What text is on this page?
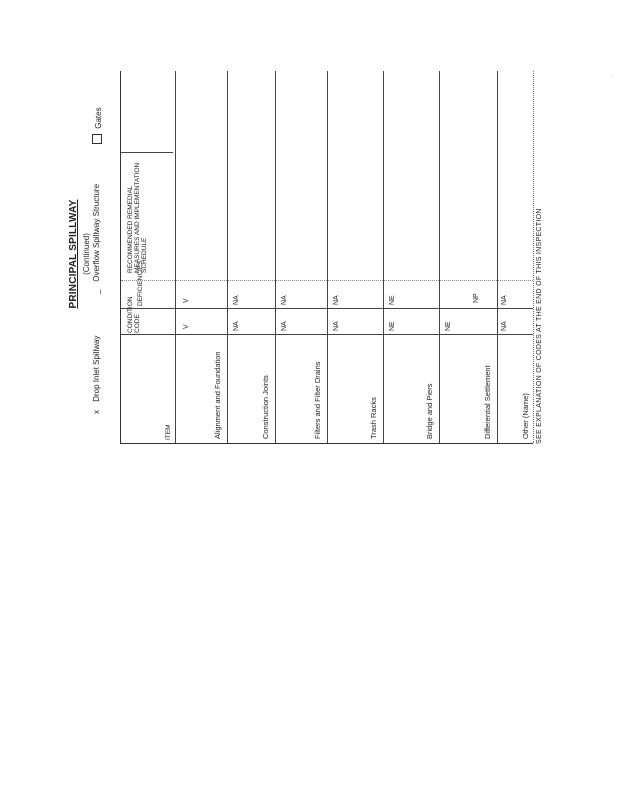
PRINCIPAL SPILLWAY (Continued)
x Drop Inlet Spillway
_ Overflow Spillway Structure
Gates
ITEM
CONDITION CODE
DEFICIENCIES
RECOMMENDED REMEDIAL MEASURES AND IMPLEMENTATION SCHEDULE
Alignment and Foundation
V
V
Construction Joints
NA
NA
Filters and Filter Drains
NA
NA
Trash Racks
NA
NA
Bridge and Piers
NE
NE
Differential Settlement
NE
NP
Other (Name)
NA
NA	SEE EXPLANATION OF CODES AT THE END OF THIS INSPECTION
.
